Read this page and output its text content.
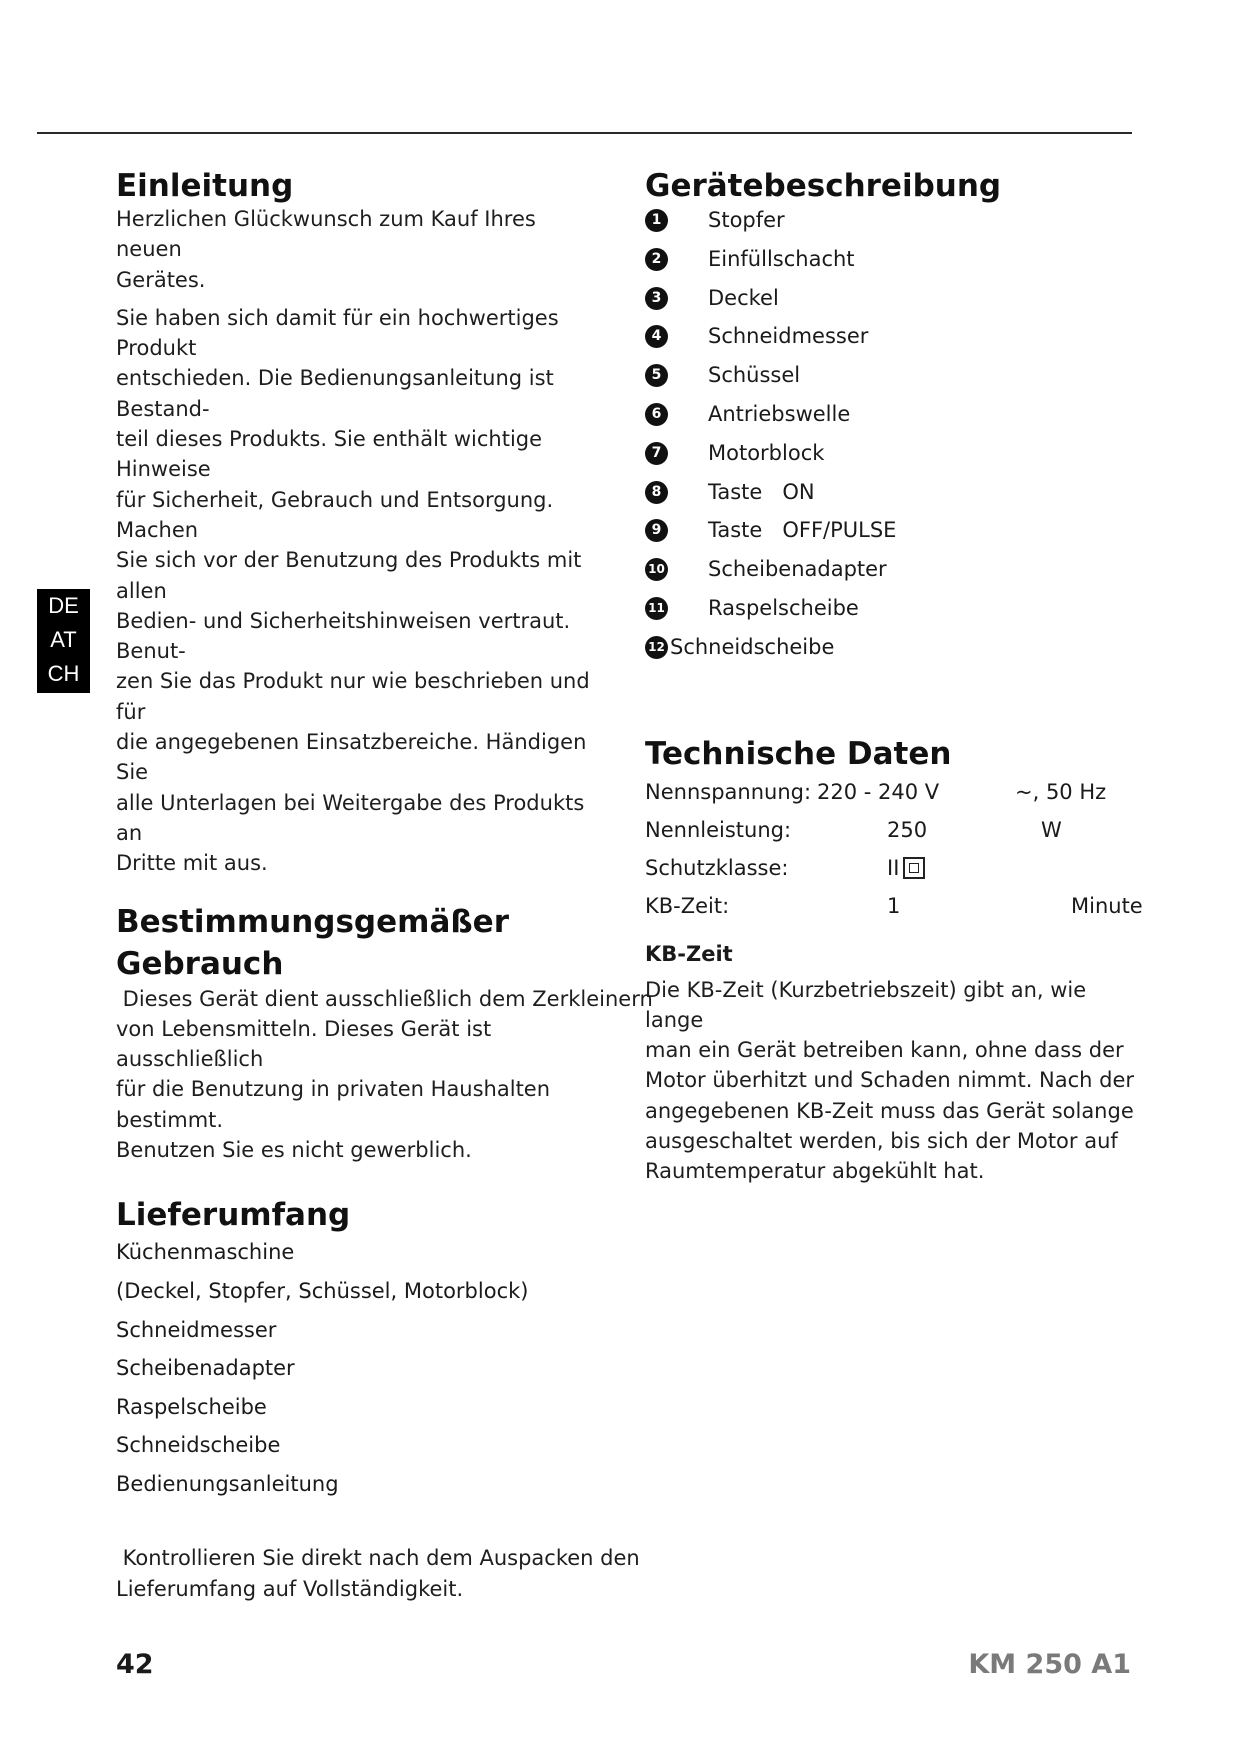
DE
AT
CH
Einleitung

Herzlichen Glückwunsch zum Kauf Ihres neuen
Gerätes.

Sie haben sich damit für ein hochwertiges Produkt
entschieden. Die Bedienungsanleitung ist Bestand-
teil dieses Produkts. Sie enthält wichtige Hinweise
für Sicherheit, Gebrauch und Entsorgung. Machen
Sie sich vor der Benutzung des Produkts mit allen
Bedien- und Sicherheitshinweisen vertraut. Benut-
zen Sie das Produkt nur wie beschrieben und für
die angegebenen Einsatzbereiche. Händigen Sie
alle Unterlagen bei Weitergabe des Produkts an
Dritte mit aus.

Bestimmungsgemäßer
Gebrauch

Dieses Gerät dient ausschließlich dem Zerkleinern
von Lebensmitteln. Dieses Gerät ist ausschließlich
für die Benutzung in privaten Haushalten bestimmt.
Benutzen Sie es nicht gewerblich.

Lieferumfang
Küchenmaschine
(Deckel, Stopfer, Schüssel, Motorblock)
Schneidmesser
Scheibenadapter
Raspelscheibe
Schneidscheibe
Bedienungsanleitung

Kontrollieren Sie direkt nach dem Auspacken den
Lieferumfang auf Vollständigkeit.

Gerätebeschreibung
1	Stopfer
2	Einfüllschacht
3	Deckel
4	Schneidmesser
5	Schüssel
6	Antriebswelle
7	Motorblock
8	Taste   ON
9	Taste   OFF/PULSE
10 Scheibenadapter
11 Raspelscheibe
12 Schneidscheibe
Technische Daten
Nennspannung: 220 - 240 V	~, 50 Hz
Nennleistung:	250	W
Schutzklasse:	II
KB-Zeit:	1	Minute
KB-Zeit

Die KB-Zeit (Kurzbetriebszeit) gibt an, wie lange
man ein Gerät betreiben kann, ohne dass der
Motor überhitzt und Schaden nimmt. Nach der
angegebenen KB-Zeit muss das Gerät solange
ausgeschaltet werden, bis sich der Motor auf
Raumtemperatur abgekühlt hat.

42	KM 250 A1
